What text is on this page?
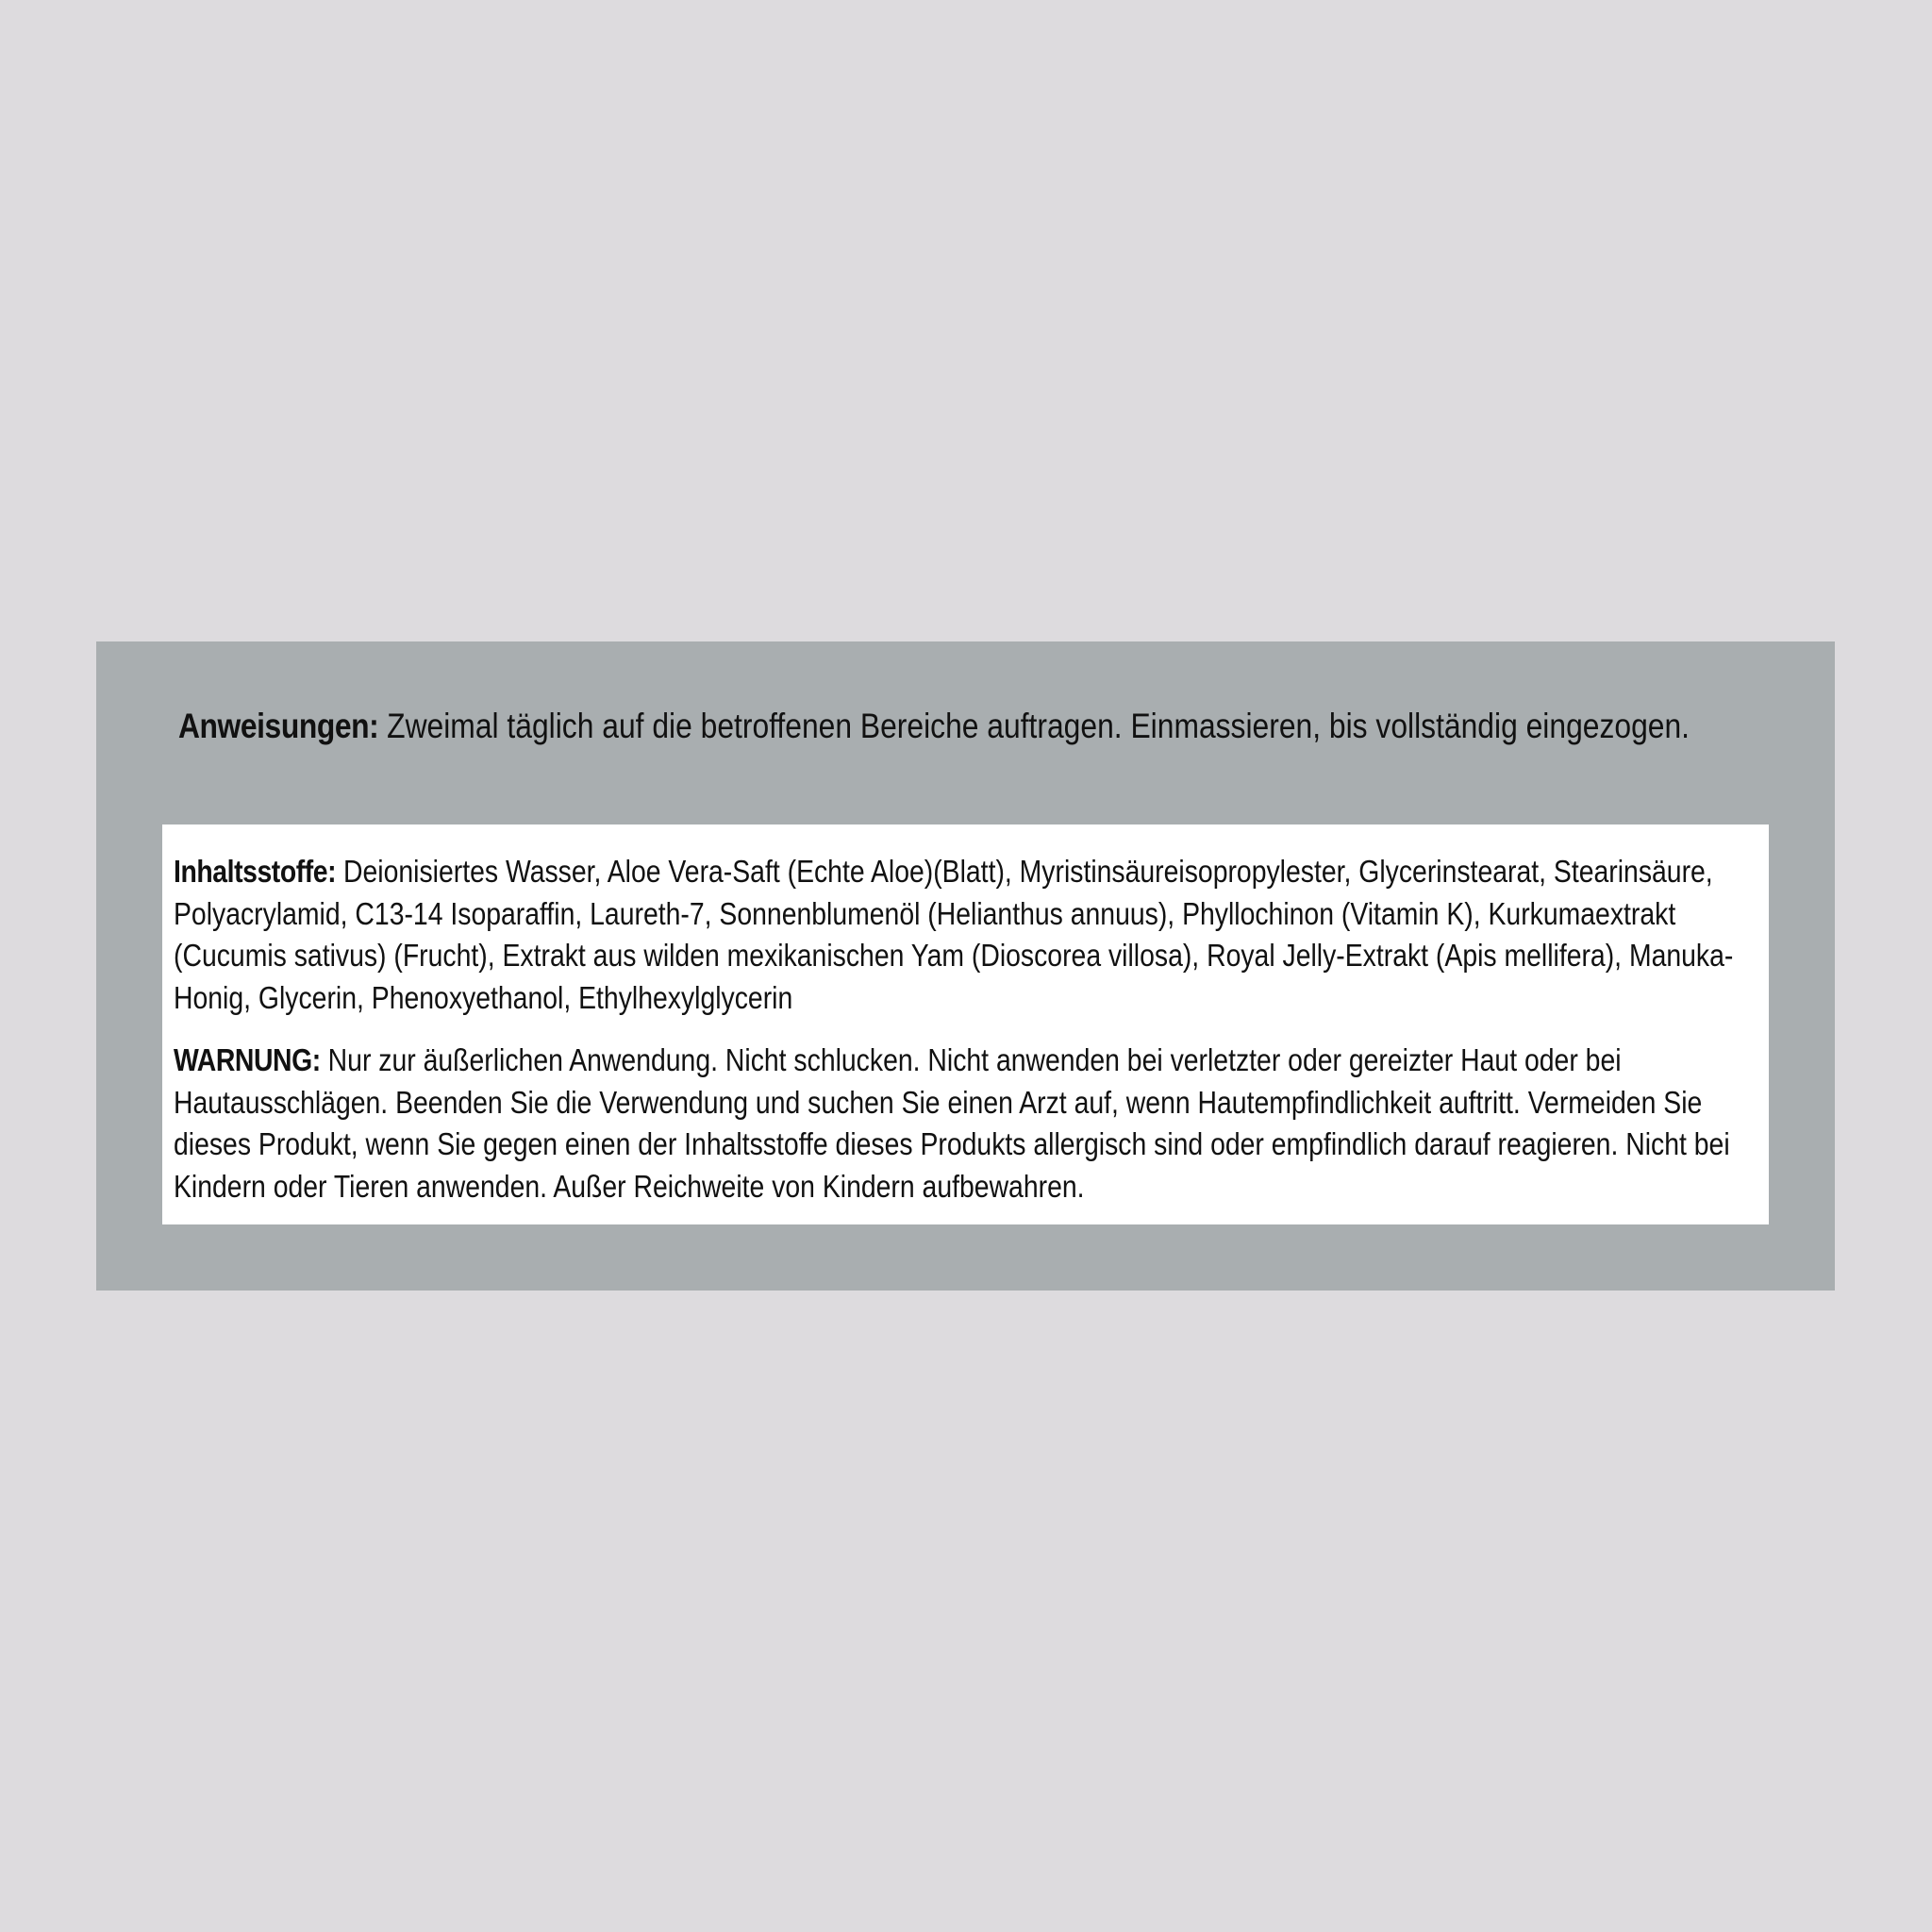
Anweisungen: Zweimal täglich auf die betroffenen Bereiche auftragen. Einmassieren, bis vollständig eingezogen.
Inhaltsstoffe: Deionisiertes Wasser, Aloe Vera-Saft (Echte Aloe)(Blatt), Myristinsäureisopropylester, Glycerinstearat, Stearinsäure, Polyacrylamid, C13-14 Isoparaffin, Laureth-7, Sonnenblumenöl (Helianthus annuus), Phyllochinon (Vitamin K), Kurkumaextrakt (Cucumis sativus) (Frucht), Extrakt aus wilden mexikanischen Yam (Dioscorea villosa), Royal Jelly-Extrakt (Apis mellifera), Manuka-Honig, Glycerin, Phenoxyethanol, Ethylhexylglycerin
WARNUNG: Nur zur äußerlichen Anwendung. Nicht schlucken. Nicht anwenden bei verletzter oder gereizter Haut oder bei Hautausschlägen. Beenden Sie die Verwendung und suchen Sie einen Arzt auf, wenn Hautempfindlichkeit auftritt. Vermeiden Sie dieses Produkt, wenn Sie gegen einen der Inhaltsstoffe dieses Produkts allergisch sind oder empfindlich darauf reagieren. Nicht bei Kindern oder Tieren anwenden. Außer Reichweite von Kindern aufbewahren.
